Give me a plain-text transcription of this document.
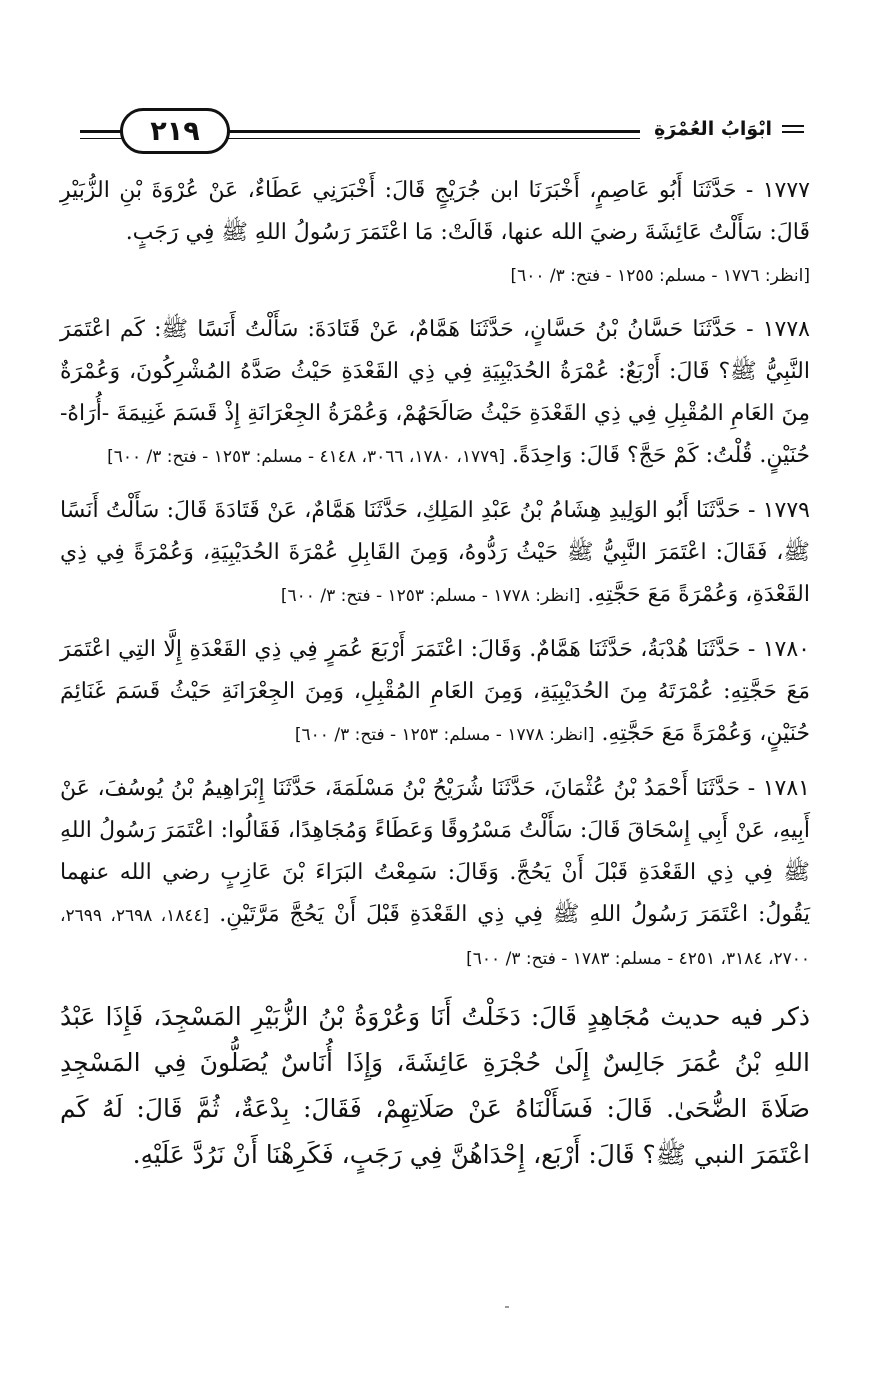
٢١٩	ابْوَابُ العُمْرَةِ

١٧٧٧ - حَدَّثَنَا أَبُو عَاصِمٍ، أَخْبَرَنَا ابن جُرَيْجٍ قَالَ: أَخْبَرَنِي عَطَاءٌ، عَنْ عُرْوَةَ بْنِ الزُّبَيْرِ قَالَ: سَأَلْتُ عَائِشَةَ رضيَ الله عنها، قَالَتْ: مَا اعْتَمَرَ رَسُولُ اللهِ ﷺ فِي رَجَبٍ.
[انظر: ١٧٧٦ - مسلم: ١٢٥٥ - فتح: ٣/ ٦٠٠]

١٧٧٨ - حَدَّثَنَا حَسَّانُ بْنُ حَسَّانٍ، حَدَّثَنَا هَمَّامٌ، عَنْ قَتَادَةَ: سَأَلْتُ أَنَسًا ﷺ: كَم اعْتَمَرَ النَّبِيُّ ﷺ؟ قَالَ: أَرْبَعٌ: عُمْرَةُ الحُدَيْبِيَةِ فِي ذِي القَعْدَةِ حَيْثُ صَدَّهُ المُشْرِكُونَ، وَعُمْرَةٌ مِنَ العَامِ المُقْبِلِ فِي ذِي القَعْدَةِ حَيْثُ صَالَحَهُمْ، وَعُمْرَةُ الجِعْرَانَةِ إِذْ قَسَمَ غَنِيمَةَ -أُرَاهُ- حُنَيْنٍ. قُلْتُ: كَمْ حَجَّ؟ قَالَ: وَاحِدَةً. [١٧٧٩، ١٧٨٠، ٣٠٦٦، ٤١٤٨ - مسلم: ١٢٥٣ - فتح: ٣/ ٦٠٠]

١٧٧٩ - حَدَّثَنَا أَبُو الوَلِيدِ هِشَامُ بْنُ عَبْدِ المَلِكِ، حَدَّثَنَا هَمَّامٌ، عَنْ قَتَادَةَ قَالَ: سَأَلْتُ أَنَسًا ﷺ، فَقَالَ: اعْتَمَرَ النَّبِيُّ ﷺ حَيْثُ رَدُّوهُ، وَمِنَ القَابِلِ عُمْرَةَ الحُدَيْبِيَةِ، وَعُمْرَةً فِي ذِي القَعْدَةِ، وَعُمْرَةً مَعَ حَجَّتِهِ. [انظر: ١٧٧٨ - مسلم: ١٢٥٣ - فتح: ٣/ ٦٠٠]

١٧٨٠ - حَدَّثَنَا هُدْبَةُ، حَدَّثَنَا هَمَّامٌ. وَقَالَ: اعْتَمَرَ أَرْبَعَ عُمَرٍ فِي ذِي القَعْدَةِ إِلَّا التِي اعْتَمَرَ مَعَ حَجَّتِهِ: عُمْرَتَهُ مِنَ الحُدَيْبِيَةِ، وَمِنَ العَامِ المُقْبِلِ، وَمِنَ الجِعْرَانَةِ حَيْثُ قَسَمَ غَنَائِمَ حُنَيْنٍ، وَعُمْرَةً مَعَ حَجَّتِهِ. [انظر: ١٧٧٨ - مسلم: ١٢٥٣ - فتح: ٣/ ٦٠٠]

١٧٨١ - حَدَّثَنَا أَحْمَدُ بْنُ عُثْمَانَ، حَدَّثَنَا شُرَيْحُ بْنُ مَسْلَمَةَ، حَدَّثَنَا إِبْرَاهِيمُ بْنُ يُوسُفَ، عَنْ أَبِيهِ، عَنْ أَبِي إِسْحَاقَ قَالَ: سَأَلْتُ مَسْرُوقًا وَعَطَاءً وَمُجَاهِدًا، فَقَالُوا: اعْتَمَرَ رَسُولُ اللهِ ﷺ فِي ذِي القَعْدَةِ قَبْلَ أَنْ يَحُجَّ. وَقَالَ: سَمِعْتُ البَرَاءَ بْنَ عَازِبٍ رضي الله عنهما يَقُولُ: اعْتَمَرَ رَسُولُ اللهِ ﷺ فِي ذِي القَعْدَةِ قَبْلَ أَنْ يَحُجَّ مَرَّتَيْنِ. [١٨٤٤، ٢٦٩٨، ٢٦٩٩، ٢٧٠٠، ٣١٨٤، ٤٢٥١ - مسلم: ١٧٨٣ - فتح: ٣/ ٦٠٠]

ذكر فيه حديث مُجَاهِدٍ قَالَ: دَخَلْتُ أَنَا وَعُرْوَةُ بْنُ الزُّبَيْرِ المَسْجِدَ، فَإِذَا عَبْدُ اللهِ بْنُ عُمَرَ جَالِسٌ إِلَىٰ حُجْرَةِ عَائِشَةَ، وَإِذَا أُنَاسٌ يُصَلُّونَ فِي المَسْجِدِ صَلَاةَ الضُّحَىٰ. قَالَ: فَسَأَلْنَاهُ عَنْ صَلَاتِهِمْ، فَقَالَ: بِدْعَةٌ، ثُمَّ قَالَ: لَهُ كَم اعْتَمَرَ النبي ﷺ؟ قَالَ: أَرْبَع، إِحْدَاهُنَّ فِي رَجَبٍ، فَكَرِهْنَا أَنْ نَرُدَّ عَلَيْهِ.
